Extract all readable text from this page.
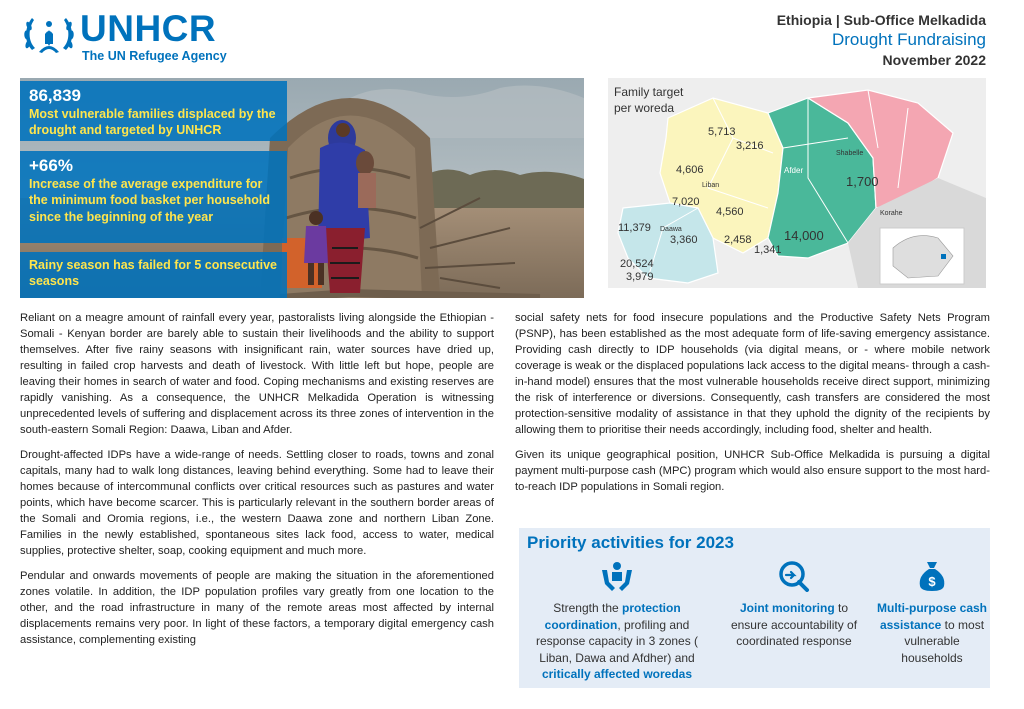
UNHCR
The UN Refugee Agency
Ethiopia | Sub-Office Melkadida
Drought Fundraising
November 2022
86,839
Most vulnerable families displaced by the drought and targeted by UNHCR
+66%
Increase of the average expenditure for the minimum food basket per household since the beginning of the year
Rainy season has failed for 5 consecutive seasons
Family target per woreda
5,713
3,216
4,606
7,020
4,560
1,700
11,379
3,360 2,458 14,000
1,341
20,524
3,979
Afder
Daawa
Liban
Shabelle
Korahe

Reliant on a meagre amount of rainfall every year, pastoralists living alongside the Ethiopian - Somali - Kenyan border are barely able to sustain their livelihoods and the ability to support themselves. After five rainy seasons with insignificant rain, water sources have dried up, resulting in failed crop harvests and death of livestock. With little left but hope, people are leaving their homes in search of water and food. Coping mechanisms and existing reserves are rapidly vanishing. As a consequence, the UNHCR Melkadida Operation is witnessing unprecedented levels of suffering and displacement across its three zones of intervention in the south-eastern Somali Region: Daawa, Liban and Afder.

Drought-affected IDPs have a wide-range of needs. Settling closer to roads, towns and zonal capitals, many had to walk long distances, leaving behind everything. Some had to leave their homes because of intercommunal conflicts over critical resources such as pastures and water points, which have become scarcer. This is particularly relevant in the southern border areas of the Somali and Oromia regions, i.e., the western Daawa zone and northern Liban Zone. Families in the newly established, spontaneous sites lack food, access to water, medical supplies, protective shelter, soap, cooking equipment and much more.

Pendular and onwards movements of people are making the situation in the aforementioned zones volatile. In addition, the IDP population profiles vary greatly from one location to the other, and the road infrastructure in many of the remote areas most affected by internal displacements remains very poor. In light of these factors, a temporary digital emergency cash assistance, complementing existing

social safety nets for food insecure populations and the Productive Safety Nets Program (PSNP), has been established as the most adequate form of life-saving emergency assistance. Providing cash directly to IDP households (via digital means, or - where mobile network coverage is weak or the displaced populations lack access to the digital means- through a cash-in-hand model) ensures that the most vulnerable households receive direct support, minimizing the risk of interference or diversions. Consequently, cash transfers are considered the most protection-sensitive modality of assistance in that they uphold the dignity of the recipients by allowing them to prioritise their needs accordingly, including food, shelter and health.

Given its unique geographical position, UNHCR Sub-Office Melkadida is pursuing a digital payment multi-purpose cash (MPC) program which would also ensure support to the most hard-to-reach IDP populations in Somali region.

Priority activities for 2023
Strength the protection coordination, profiling and response capacity in 3 zones ( Liban, Dawa and Afdher) and critically affected woredas
Joint monitoring to ensure accountability of coordinated response
$
Multi-purpose cash assistance to most vulnerable households
